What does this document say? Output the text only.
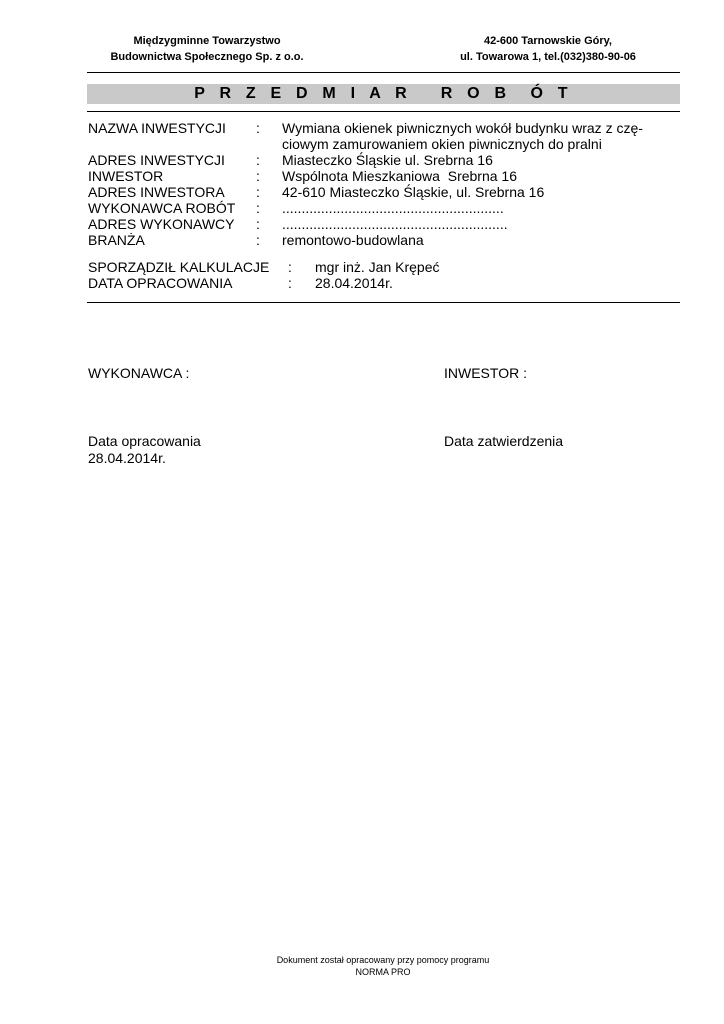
Międzygminne Towarzystwo
Budownictwa Społecznego Sp. z o.o.
42-600 Tarnowskie Góry,
ul. Towarowa 1, tel.(032)380-90-06
P R Z E D M I A R   R O B  Ó T
NAZWA INWESTYCJI : Wymiana okienek piwnicznych wokół budynku wraz z czę-
ciowym zamurowaniem okien piwnicznych do pralni
ADRES INWESTYCJI : Miasteczko Śląskie ul. Srebrna 16
INWESTOR	: Wspólnota Mieszkaniowa  Srebrna 16
ADRES INWESTORA : 42-610 Miasteczko Śląskie, ul. Srebrna 16
WYKONAWCA ROBÓT : .........................................................
ADRES WYKONAWCY : ..........................................................
BRANŻA	: remontowo-budowlana
SPORZĄDZIŁ KALKULACJE : mgr inż. Jan Krępeć
DATA OPRACOWANIA	: 28.04.2014r.
WYKONAWCA :	INWESTOR :
Data opracowania
28.04.2014r.
Data zatwierdzenia
Dokument został opracowany przy pomocy programu
NORMA PRO
